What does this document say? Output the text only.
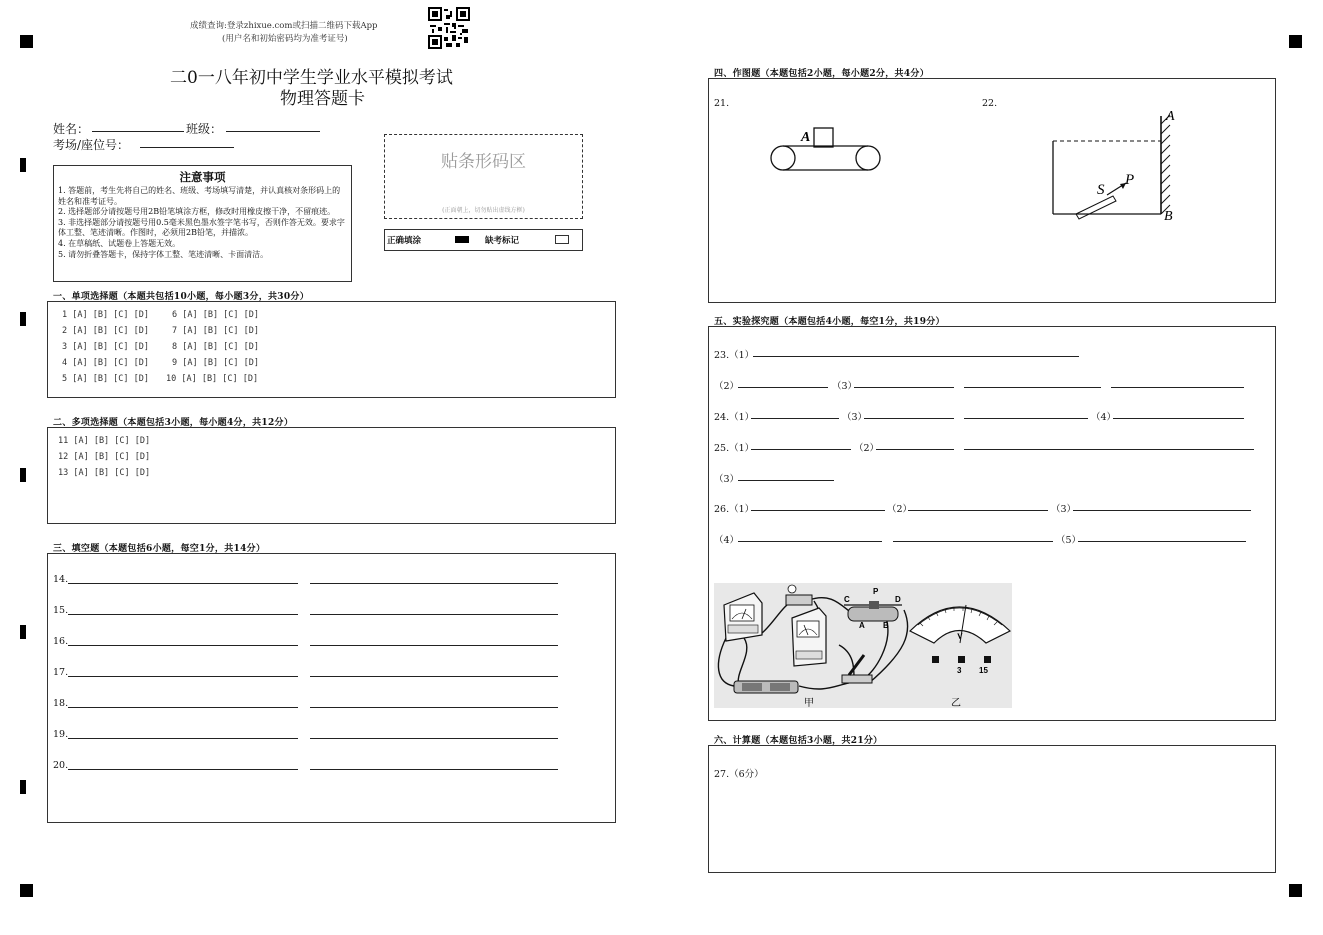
成绩查询:登录zhixue.com或扫描二维码下载App
(用户名和初始密码均为准考证号)
二0一八年初中学生学业水平模拟考试
物理答题卡
姓名：	班级：
考场/座位号：
注意事项

1. 答题前，考生先将自己的姓名、班级、考场填写清楚，并认真核对条形码上的姓名和准考证号。

2. 选择题部分请按题号用2B铅笔填涂方框，修改时用橡皮擦干净，不留痕迹。

3. 非选择题部分请按题号用0.5毫米黑色墨水签字笔书写，否则作答无效。要求字体工整、笔迹清晰。作图时，必须用2B铅笔，并描浓。

4. 在草稿纸、试题卷上答题无效。

5. 请勿折叠答题卡，保持字体工整、笔迹清晰、卡面清洁。

贴条形码区
(正面朝上，切勿贴出虚线方框)
正确填涂	缺考标记
一、单项选择题（本题共包括10小题，每小题3分，共30分）
1 [A] [B] [C] [D]
2 [A] [B] [C] [D]
3 [A] [B] [C] [D]
4 [A] [B] [C] [D]
5 [A] [B] [C] [D]
6 [A] [B] [C] [D]
7 [A] [B] [C] [D]
8 [A] [B] [C] [D]
9 [A] [B] [C] [D]
10 [A] [B] [C] [D]
二、多项选择题（本题包括3小题，每小题4分，共12分）
11 [A] [B] [C] [D]
12 [A] [B] [C] [D]
13 [A] [B] [C] [D]
三、填空题（本题包括6小题，每空1分，共14分）
14.
15.
16.
17.
18.
19.
20.
四、作图题（本题包括2小题，每小题2分，共4分）
21.	22.
A
A
B
S
P
五、实验探究题（本题包括4小题，每空1分，共19分）
23.（1）
（2）	（3）
24.（1）	（3）	（4）
25.（1）	（2）
（3）
26.（1）	（2）	（3）
（4）	（5）
C
P
D
A B
甲
V
3 15
乙
六、计算题（本题包括3小题，共21分）
27.（6分）
